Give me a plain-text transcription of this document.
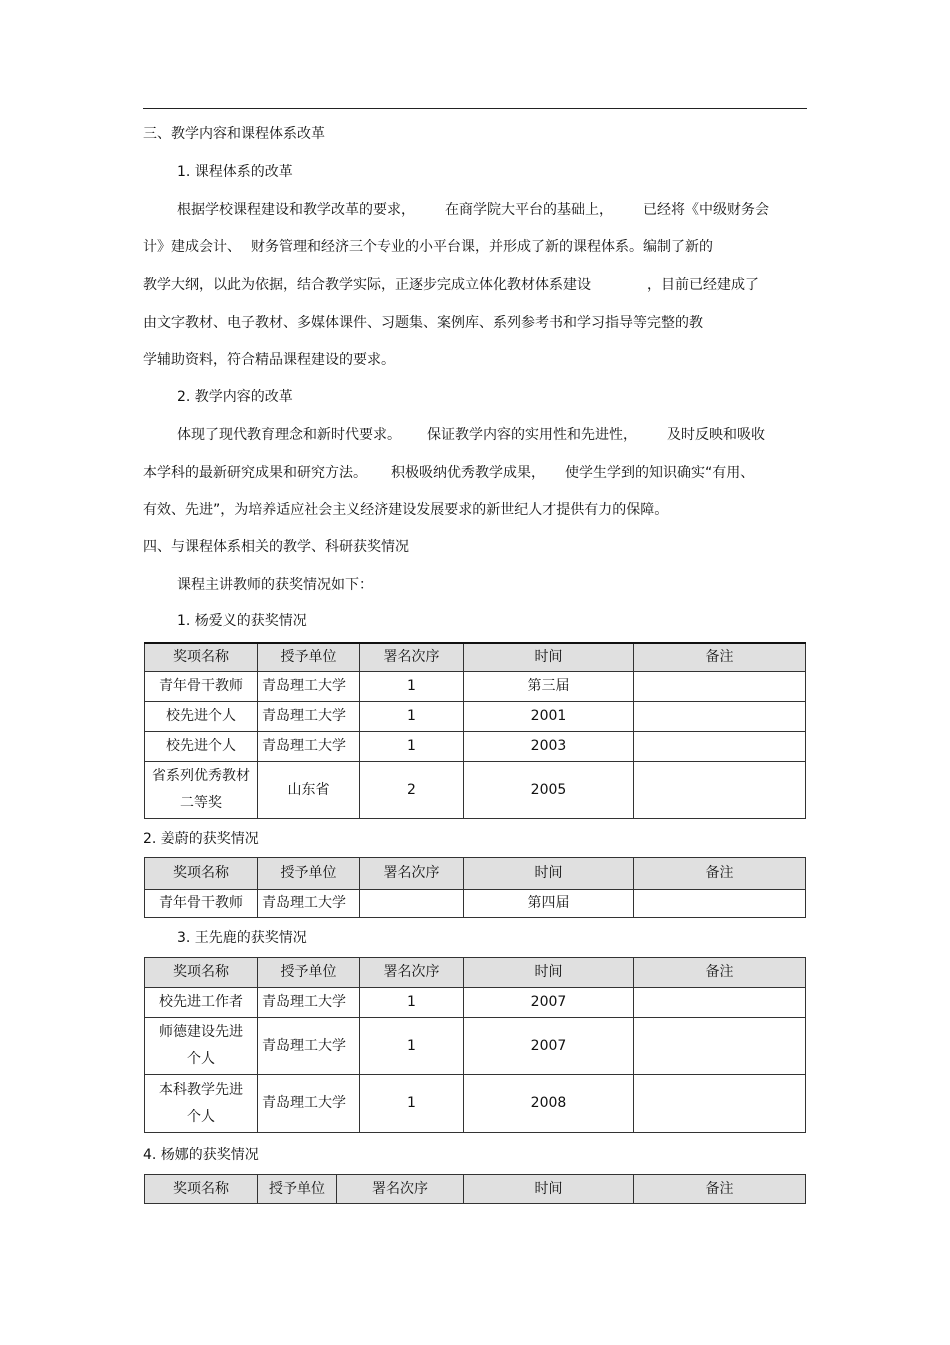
三、教学内容和课程体系改革
1. 课程体系的改革
根据学校课程建设和教学改革的要求， 在商学院大平台的基础上， 已经将《中级财务会
计》建成会计、 财务管理和经济三个专业的小平台课，并形成了新的课程体系。编制了新的
教学大纲，以此为依据，结合教学实际，正逐步完成立体化教材体系建设	，目前已经建成了
由文字教材、电子教材、多媒体课件、习题集、案例库、系列参考书和学习指导等完整的教
学辅助资料，符合精品课程建设的要求。
2. 教学内容的改革
体现了现代教育理念和新时代要求。 保证教学内容的实用性和先进性， 及时反映和吸收
本学科的最新研究成果和研究方法。 积极吸纳优秀教学成果， 使学生学到的知识确实“有用、
有效、先进”，为培养适应社会主义经济建设发展要求的新世纪人才提供有力的保障。
四、与课程体系相关的教学、科研获奖情况
课程主讲教师的获奖情况如下：
1. 杨爱义的获奖情况
奖项名称	授予单位	署名次序	时间	备注
青年骨干教师	青岛理工大学	1	第三届	
校先进个人	青岛理工大学	1	2001	
校先进个人	青岛理工大学	1	2003	
省系列优秀教材二等奖	山东省	2	2005	
2. 姜蔚的获奖情况
奖项名称	授予单位	署名次序	时间	备注
青年骨干教师	青岛理工大学		第四届	
3. 王先鹿的获奖情况
奖项名称	授予单位	署名次序	时间	备注
校先进工作者	青岛理工大学	1	2007	
师德建设先进个人	青岛理工大学	1	2007	
本科教学先进个人	青岛理工大学	1	2008	
4. 杨娜的获奖情况
奖项名称	授予单位	署名次序	时间	备注
